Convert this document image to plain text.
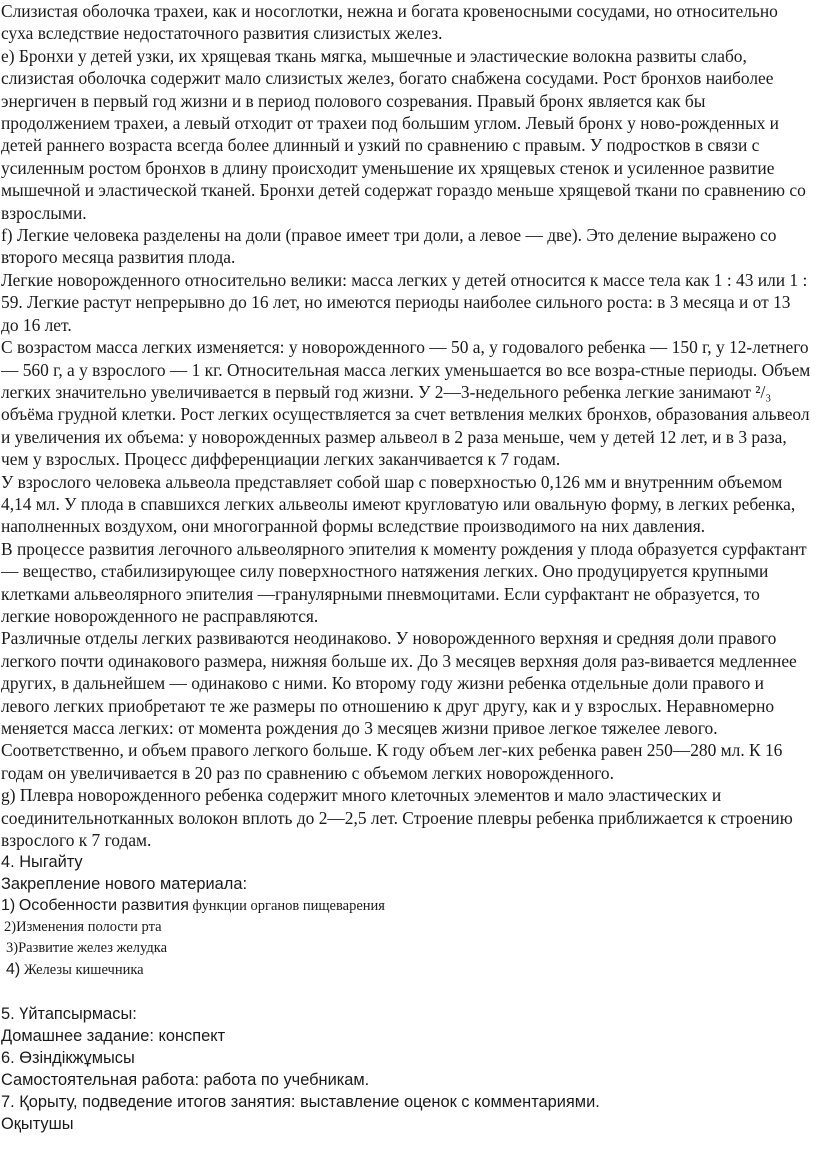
Слизистая оболочка трахеи, как и носоглотки, нежна и богата кровеносными сосудами, но относительно суха вследствие недостаточного развития слизистых желез.

е) Бронхи у детей узки, их хрящевая ткань мягка, мышечные и эластические волокна развиты слабо, слизистая оболочка содержит мало слизистых желез, богато снабжена сосудами. Рост бронхов наиболее энергичен в первый год жизни и в период полового созревания. Правый бронх является как бы продолжением трахеи, а левый отходит от трахеи под большим углом. Левый бронх у ново-рожденных и детей раннего возраста всегда более длинный и узкий по сравнению с правым. У подростков в связи с усиленным ростом бронхов в длину происходит уменьшение их хрящевых стенок и усиленное развитие мышечной и эластической тканей. Бронхи детей содержат гораздо меньше хрящевой ткани по сравнению со взрослыми.

f) Легкие человека разделены на доли (правое имеет три доли, а левое — две). Это деление выражено со второго месяца развития плода.

Легкие новорожденного относительно велики: масса легких у детей относится к массе тела как 1 : 43 или 1 : 59. Легкие растут непрерывно до 16 лет, но имеются периоды наиболее сильного роста: в 3 месяца и от 13 до 16 лет.

С возрастом масса легких изменяется: у новорожденного — 50 а, у годовалого ребенка — 150 г, у 12-летнего — 560 г, а у взрослого — 1 кг. Относительная масса легких уменьшается во все возра-стные периоды. Объем легких значительно увеличивается в первый год жизни. У 2—3-недельного ребенка легкие занимают ²/₃ объёма грудной клетки. Рост легких осуществляется за счет ветвления мелких бронхов, образования альвеол и увеличения их объема: у новорожденных размер альвеол в 2 раза меньше, чем у детей 12 лет, и в 3 раза, чем у взрослых. Процесс дифференциации легких заканчивается к 7 годам.

У взрослого человека альвеола представляет собой шар с поверхностью 0,126 мм и внутренним объемом 4,14 мл. У плода в спавшихся легких альвеолы имеют кругловатую или овальную форму, в легких ребенка, наполненных воздухом, они многогранной формы вследствие производимого на них давления.

В процессе развития легочного альвеолярного эпителия к моменту рождения у плода образуется сурфактант — вещество, стабилизирующее силу поверхностного натяжения легких. Оно продуцируется крупными клетками альвеолярного эпителия —гранулярными пневмоцитами. Если сурфактант не образуется, то легкие новорожденного не расправляются.

Различные отделы легких развиваются неодинаково. У новорожденного верхняя и средняя доли правого легкого почти одинакового размера, нижняя больше их. До 3 месяцев верхняя доля раз-вивается медленнее других, в дальнейшем — одинаково с ними. Ко второму году жизни ребенка отдельные доли правого и левого легких приобретают те же размеры по отношению к друг другу, как и у взрослых. Неравномерно меняется масса легких: от момента рождения до 3 месяцев жизни привое легкое тяжелее левого. Соответственно, и объем правого легкого больше. К году объем лег-ких ребенка равен 250—280 мл. К 16 годам он увеличивается в 20 раз по сравнению с объемом легких новорожденного.

g) Плевра новорожденного ребенка содержит много клеточных элементов и мало эластических и соединительнотканных волокон вплоть до 2—2,5 лет. Строение плевры ребенка приближается к строению взрослого к 7 годам.

4. Ныгайту

Закрепление нового материала:

1) Особенности развития функции органов пищеварения
2)Изменения полости рта
3)Развитие желез желудка
4) Железы кишечника

5. Үйтапсырмасы:

Домашнее задание: конспект

6. Өзіндікжұмысы

Самостоятельная работа: работа по учебникам.

7. Қорыту, подведение итогов занятия: выставление оценок с комментариями.

Оқытушы
